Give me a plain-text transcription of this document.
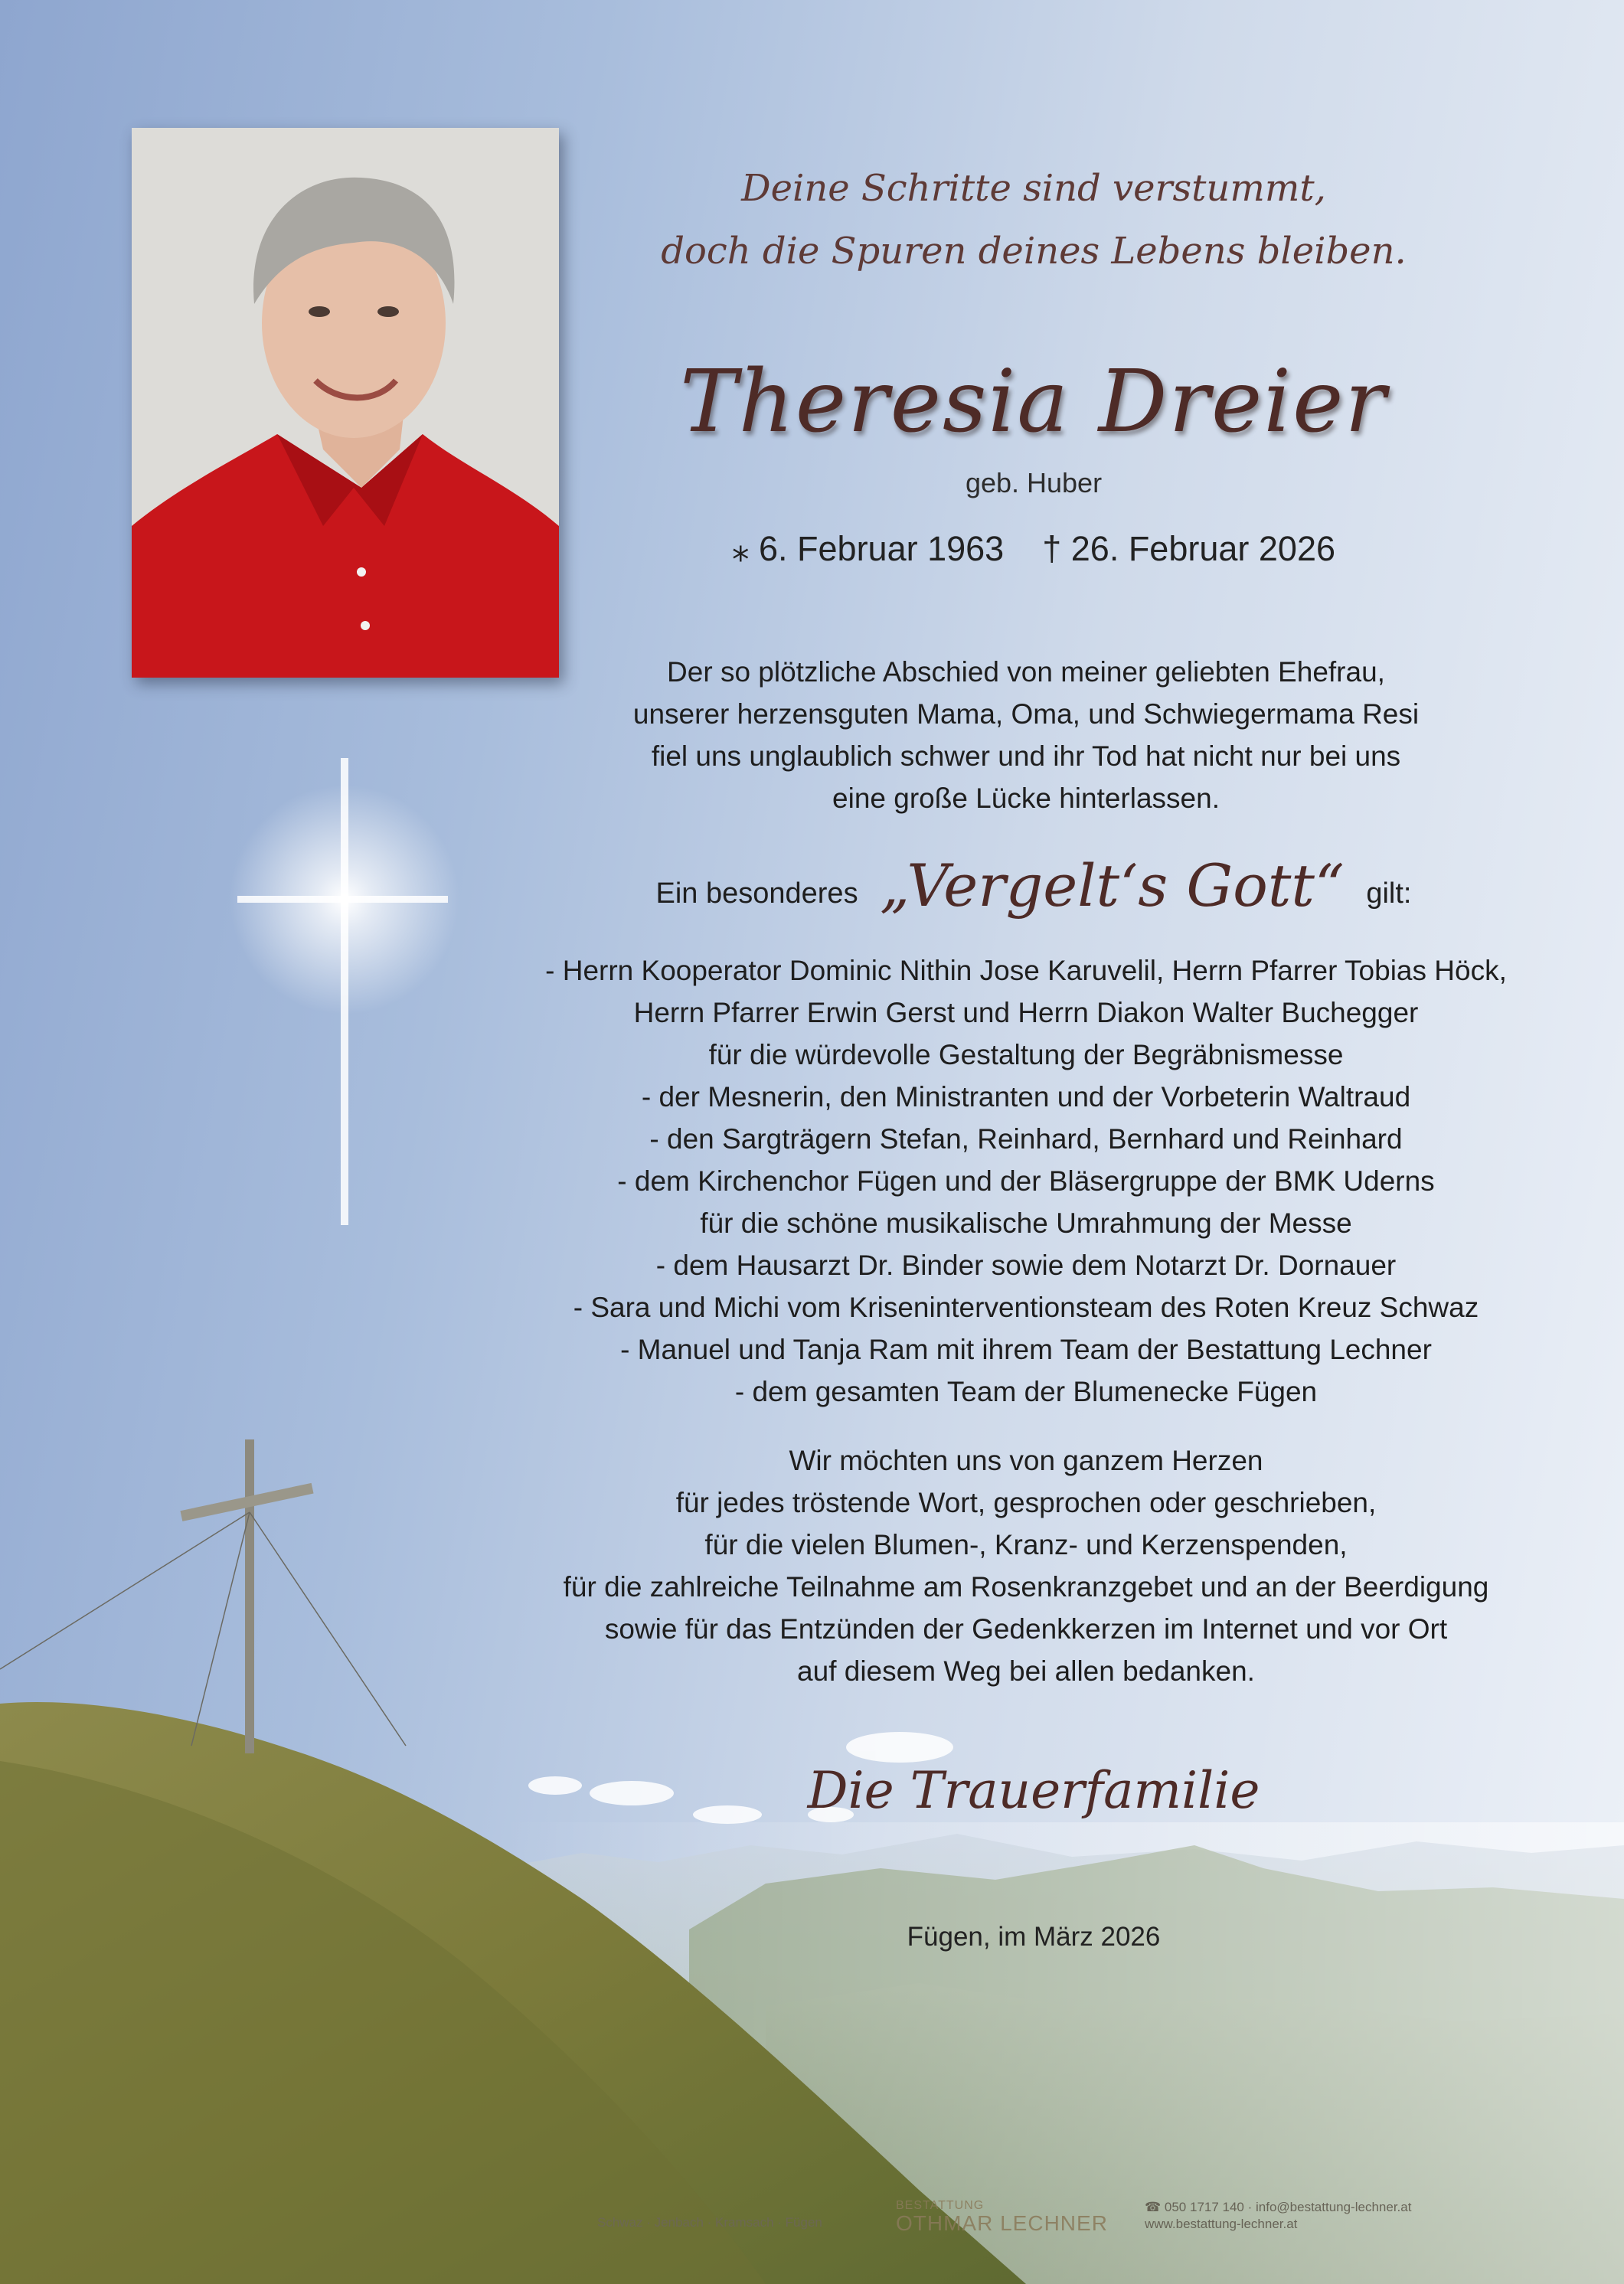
Deine Schritte sind verstummt,
doch die Spuren deines Lebens bleiben.
Theresia Dreier
geb. Huber
⁎ 6. Februar 1963 † 26. Februar 2026
Der so plötzliche Abschied von meiner geliebten Ehefrau,
unserer herzensguten Mama, Oma, und Schwiegermama Resi
fiel uns unglaublich schwer und ihr Tod hat nicht nur bei uns
eine große Lücke hinterlassen.
Ein besonderes „Vergelt‘s Gott“ gilt:
- Herrn Kooperator Dominic Nithin Jose Karuvelil, Herrn Pfarrer Tobias Höck,
Herrn Pfarrer Erwin Gerst und Herrn Diakon Walter Buchegger
für die würdevolle Gestaltung der Begräbnismesse
- der Mesnerin, den Ministranten und der Vorbeterin Waltraud
- den Sargträgern Stefan, Reinhard, Bernhard und Reinhard
- dem Kirchenchor Fügen und der Bläsergruppe der BMK Uderns
für die schöne musikalische Umrahmung der Messe
- dem Hausarzt Dr. Binder sowie dem Notarzt Dr. Dornauer
- Sara und Michi vom Kriseninterventionsteam des Roten Kreuz Schwaz
- Manuel und Tanja Ram mit ihrem Team der Bestattung Lechner
- dem gesamten Team der Blumenecke Fügen
Wir möchten uns von ganzem Herzen
für jedes tröstende Wort, gesprochen oder geschrieben,
für die vielen Blumen-, Kranz- und Kerzenspenden,
für die zahlreiche Teilnahme am Rosenkranzgebet und an der Beerdigung
sowie für das Entzünden der Gedenkkerzen im Internet und vor Ort
auf diesem Weg bei allen bedanken.
Die Trauerfamilie
Fügen, im März 2026
Schwaz · Jenbach · Kramsach · Fügen
BESTATTUNG
OTHMAR LECHNER
☎ 050 1717 140 · info@bestattung-lechner.at
www.bestattung-lechner.at
